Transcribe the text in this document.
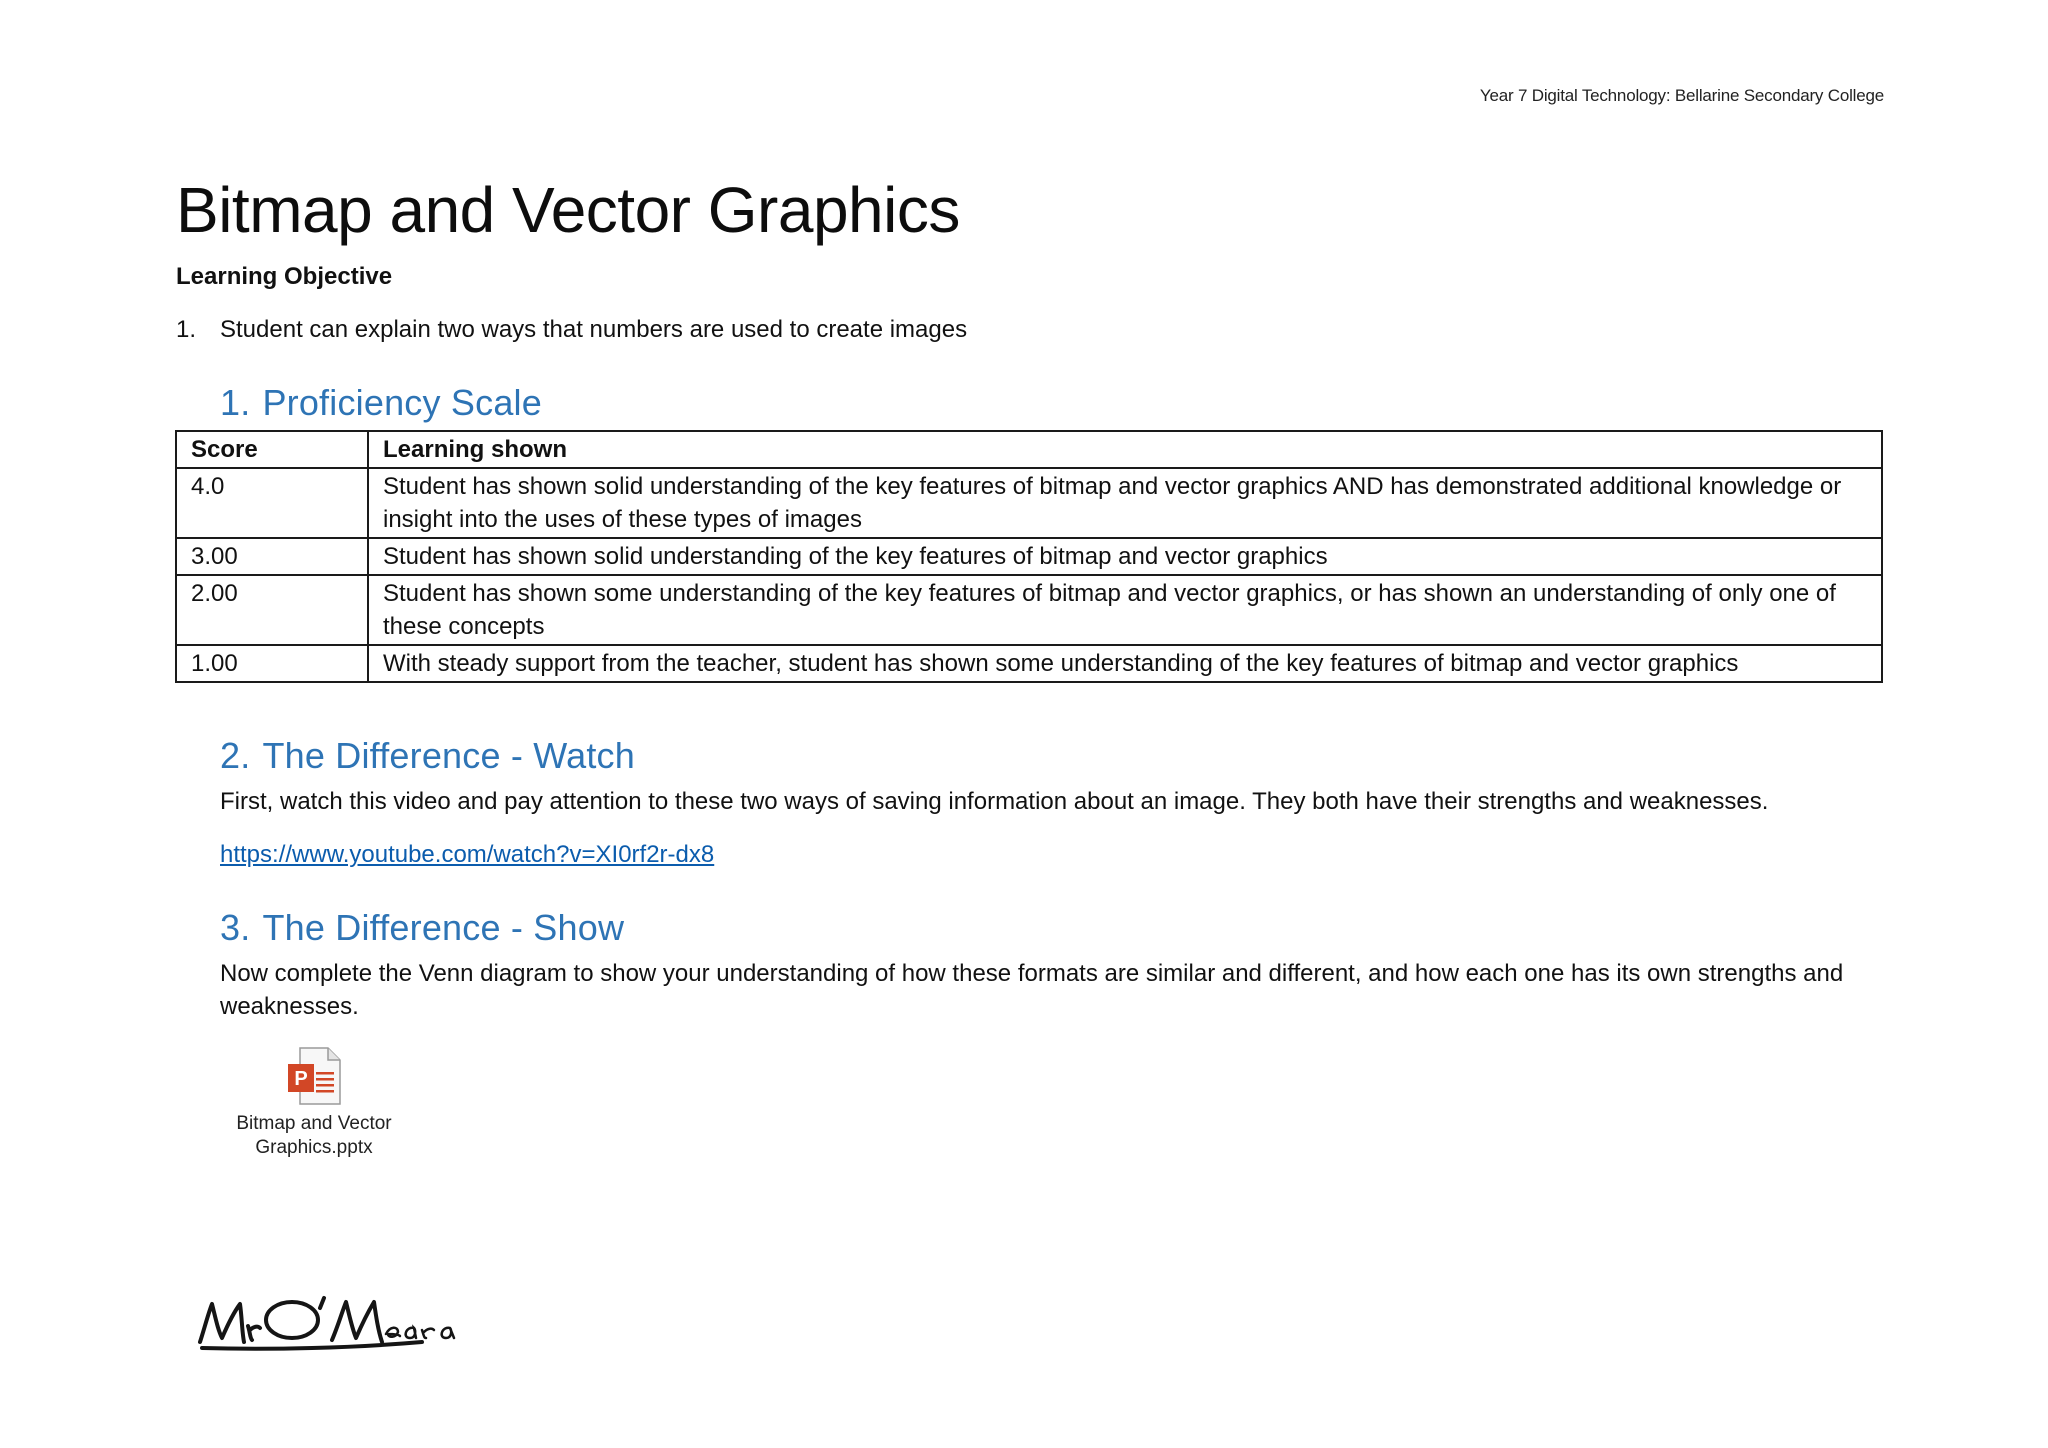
Year 7 Digital Technology: Bellarine Secondary College
Bitmap and Vector Graphics
Learning Objective
1. Student can explain two ways that numbers are used to create images
1. Proficiency Scale
Score	Learning shown
4.0	Student has shown solid understanding of the key features of bitmap and vector graphics AND has demonstrated additional knowledge or insight into the uses of these types of images
3.00	Student has shown solid understanding of the key features of bitmap and vector graphics
2.00	Student has shown some understanding of the key features of bitmap and vector graphics, or has shown an understanding of only one of these concepts
1.00	With steady support from the teacher, student has shown some understanding of the key features of bitmap and vector graphics
2. The Difference - Watch
First, watch this video and pay attention to these two ways of saving information about an image. They both have their strengths and weaknesses.
https://www.youtube.com/watch?v=XI0rf2r-dx8
3. The Difference - Show
Now complete the Venn diagram to show your understanding of how these formats are similar and different, and how each one has its own strengths and weaknesses.
P
Bitmap and Vector
Graphics.pptx
